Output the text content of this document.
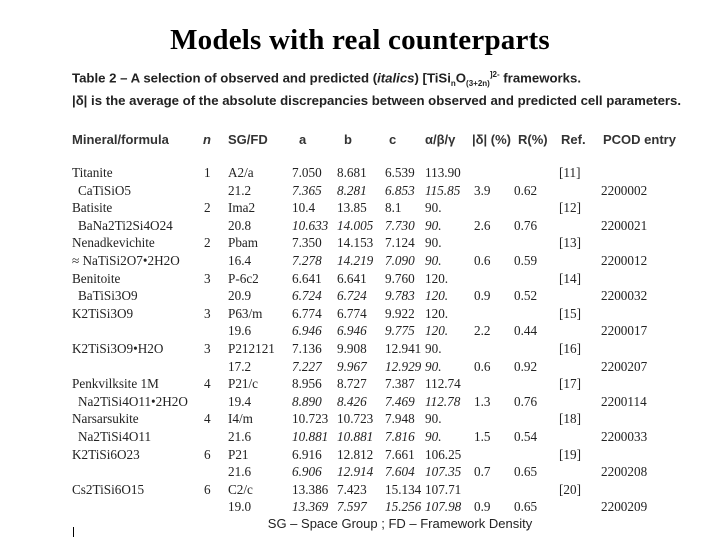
Models with real counterparts
Table 2 – A selection of observed and predicted (italics) [$TiSi_nO_{(3+2n)}^{]2-}$ frameworks.
|δ| is the average of the absolute discrepancies between observed and predicted cell parameters.
Mineral/formula	n SG/FD a	b	c α/β/γ |δ| (%) R(%) Ref. PCOD entry
Titanite	1 A2/a	7.050 8.681 6.539 113.90	[11]
CaTiSiO5	21.2	7.365 8.281 6.853 115.85 3.9 0.62	2200002
Batisite	2 Ima2	10.4 13.85 8.1 90.	[12]
BaNa2Ti2Si4O24	20.8	10.633 14.005 7.730 90. 2.6 0.76	2200021
Nenadkevichite	2 Pbam	7.350 14.153 7.124 90.	[13]
≈ NaTiSi2O7•2H2O	16.4	7.278 14.219 7.090 90. 0.6 0.59	2200012
Benitoite	3 P-6c2	6.641 6.641 9.760 120.	[14]
BaTiSi3O9	20.9	6.724 6.724 9.783 120. 0.9 0.52	2200032
K2TiSi3O9	3 P63/m 6.774 6.774 9.922 120.	[15]
19.6	6.946 6.946 9.775 120. 2.2 0.44	2200017
K2TiSi3O9•H2O	3 P212121 7.136 9.908 12.941 90.	[16]
17.2	7.227 9.967 12.929 90. 0.6 0.92	2200207
Penkvilksite 1M	4 P21/c	8.956 8.727 7.387 112.74	[17]
Na2TiSi4O11•2H2O	19.4	8.890 8.426 7.469 112.78 1.3 0.76	2200114
Narsarsukite	4 I4/m	10.723 10.723 7.948 90.	[18]
Na2TiSi4O11	21.6	10.881 10.881 7.816 90. 1.5 0.54	2200033
K2TiSi6O23	6 P21	6.916 12.812 7.661 106.25	[19]
21.6	6.906 12.914 7.604 107.35 0.7 0.65	2200208
Cs2TiSi6O15	6 C2/c	13.386 7.423 15.134 107.71	[20]
19.0	13.369 7.597 15.256 107.98 0.9 0.65	2200209
SG – Space Group ; FD – Framework Density
